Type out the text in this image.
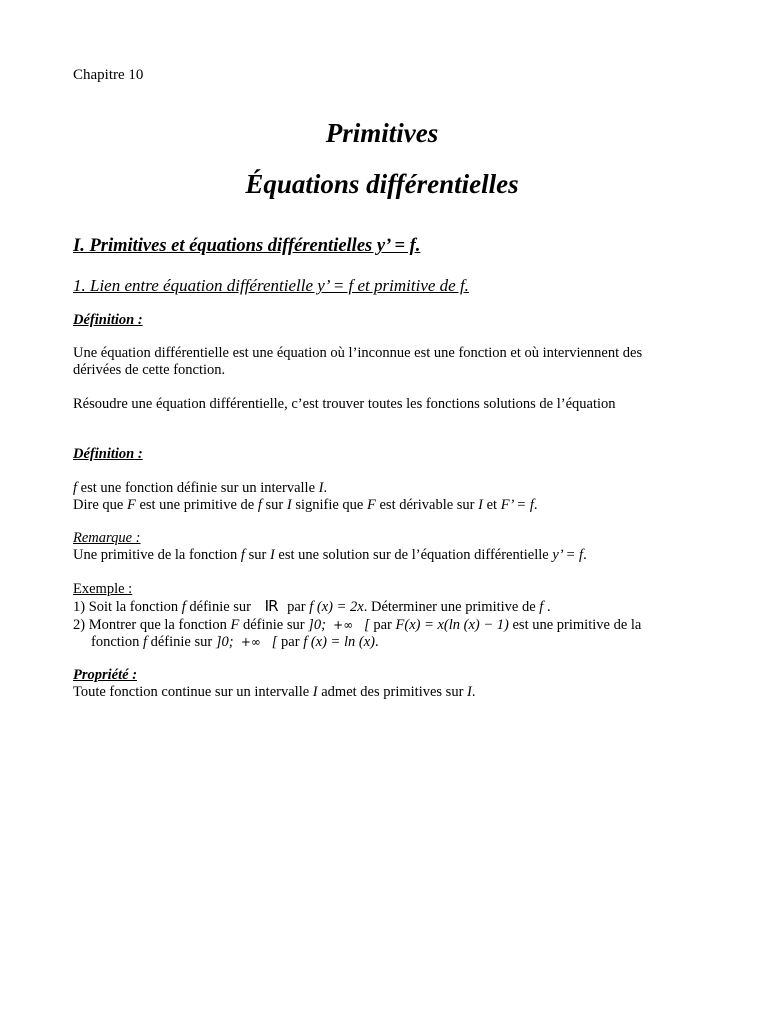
Chapitre 10
Primitives
Équations différentielles
I. Primitives et équations différentielles y’ = f.
1. Lien entre équation différentielle y’ = f et primitive de f.
Définition :
Une équation différentielle est une équation où l’inconnue est une fonction et où interviennent des
dérivées de cette fonction.
Résoudre une équation différentielle, c’est trouver toutes les fonctions solutions de l’équation
Définition :
f est une fonction définie sur un intervalle I.
Dire que F est une primitive de f sur I signifie que F est dérivable sur I et F’ = f.
Remarque :
Une primitive de la fonction f sur I est une solution sur de l’équation différentielle y’ = f.
Exemple :
1) Soit la fonction f définie sur IR par f (x) = 2x. Déterminer une primitive de f .
2) Montrer que la fonction F définie sur ]0; +∞ [ par F(x) = x(ln (x) − 1) est une primitive de la
fonction f définie sur ]0; +∞ [ par f (x) = ln (x).
Propriété :
Toute fonction continue sur un intervalle I admet des primitives sur I.
